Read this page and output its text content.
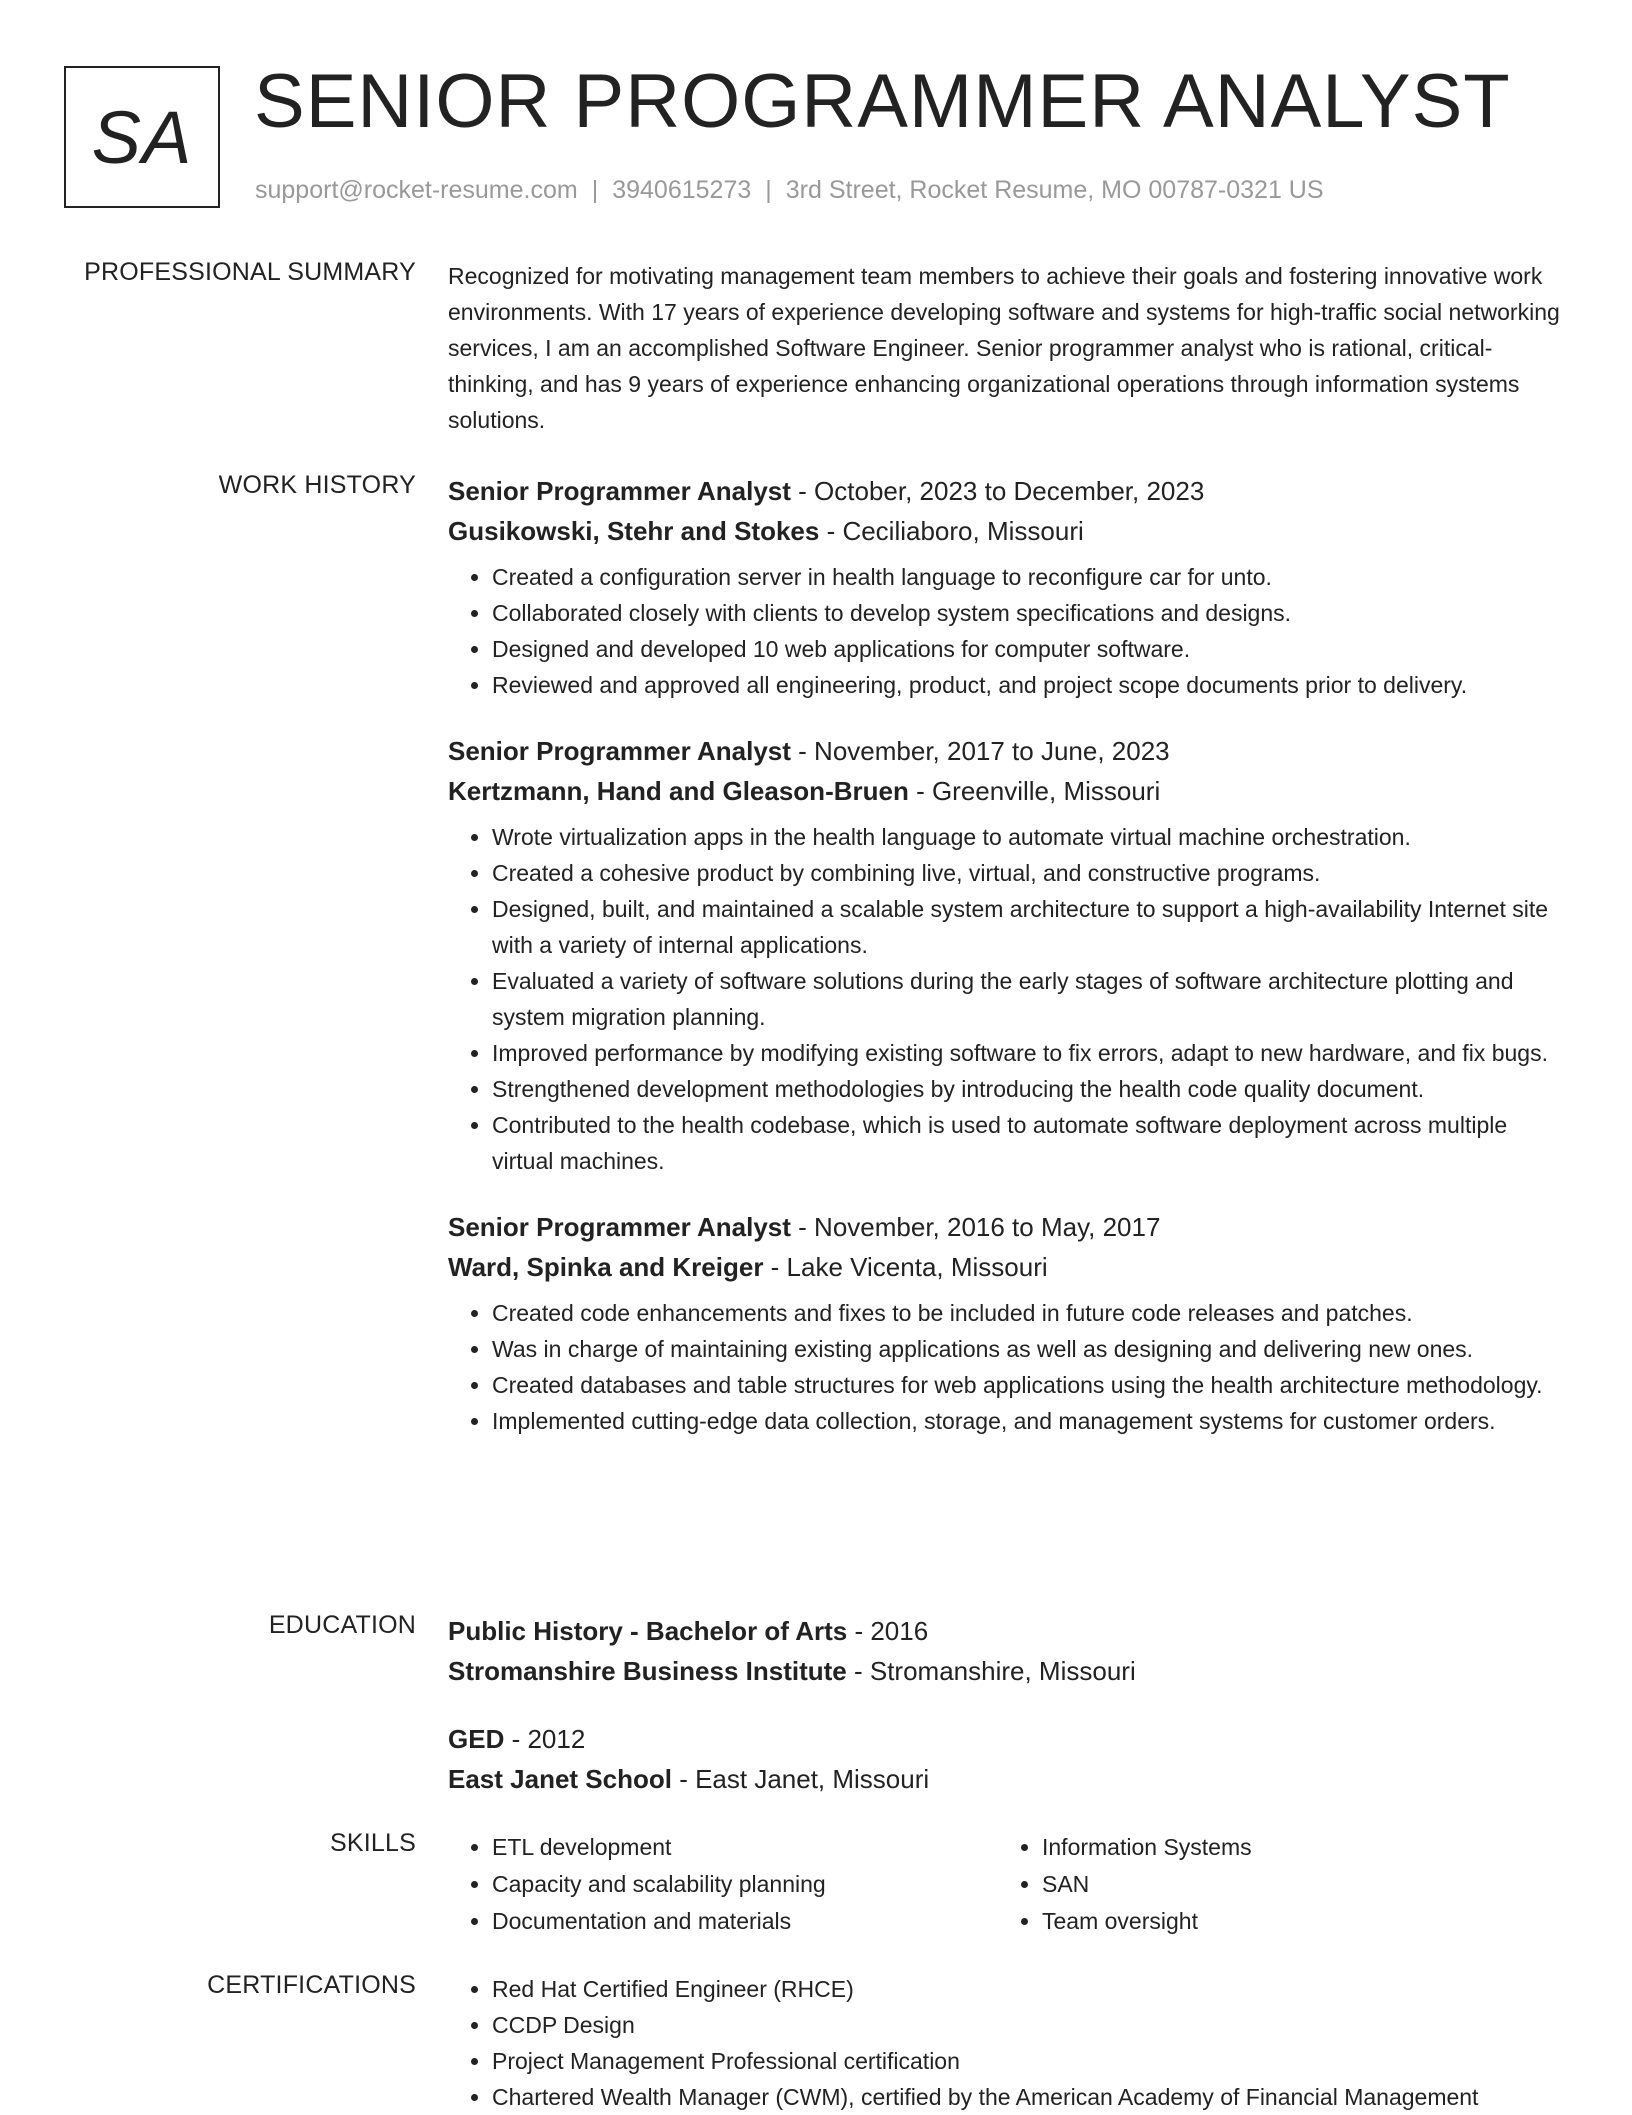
SA SENIOR PROGRAMMER ANALYST
support@rocket-resume.com | 3940615273 | 3rd Street, Rocket Resume, MO 00787-0321 US
PROFESSIONAL SUMMARY Recognized for motivating management team members to achieve their goals and fostering innovative work environments. With 17 years of experience developing software and systems for high-traffic social networking services, I am an accomplished Software Engineer. Senior programmer analyst who is rational, critical-thinking, and has 9 years of experience enhancing organizational operations through information systems solutions.

WORK HISTORY Senior Programmer Analyst - October, 2023 to December, 2023
Gusikowski, Stehr and Stokes - Ceciliaboro, Missouri
• Created a configuration server in health language to reconfigure car for unto.
• Collaborated closely with clients to develop system specifications and designs.
• Designed and developed 10 web applications for computer software.
• Reviewed and approved all engineering, product, and project scope documents prior to delivery.
Senior Programmer Analyst - November, 2017 to June, 2023
Kertzmann, Hand and Gleason-Bruen - Greenville, Missouri
• Wrote virtualization apps in the health language to automate virtual machine orchestration.
• Created a cohesive product by combining live, virtual, and constructive programs.
• Designed, built, and maintained a scalable system architecture to support a high-availability Internet site with a variety of internal applications.
• Evaluated a variety of software solutions during the early stages of software architecture plotting and system migration planning.
• Improved performance by modifying existing software to fix errors, adapt to new hardware, and fix bugs.
• Strengthened development methodologies by introducing the health code quality document.
• Contributed to the health codebase, which is used to automate software deployment across multiple virtual machines.
Senior Programmer Analyst - November, 2016 to May, 2017
Ward, Spinka and Kreiger - Lake Vicenta, Missouri
• Created code enhancements and fixes to be included in future code releases and patches.
• Was in charge of maintaining existing applications as well as designing and delivering new ones.
• Created databases and table structures for web applications using the health architecture methodology.
• Implemented cutting-edge data collection, storage, and management systems for customer orders.
EDUCATION Public History - Bachelor of Arts - 2016
Stromanshire Business Institute - Stromanshire, Missouri
GED - 2012
East Janet School - East Janet, Missouri
SKILLS	• ETL development
• Capacity and scalability planning
• Documentation and materials
• Information Systems
• SAN
• Team oversight
CERTIFICATIONS	• Red Hat Certified Engineer (RHCE)
• CCDP Design
• Project Management Professional certification
• Chartered Wealth Manager (CWM), certified by the American Academy of Financial Management
